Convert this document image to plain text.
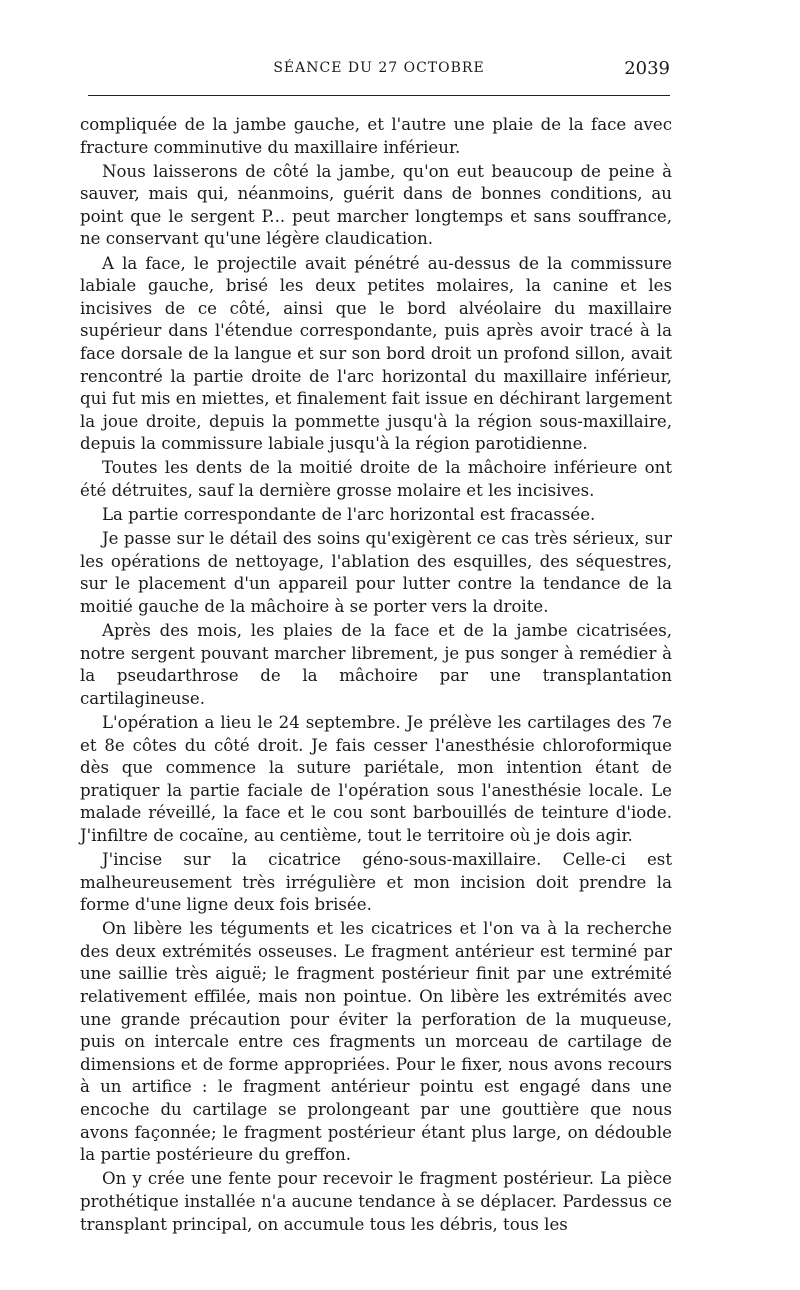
SÉANCE DU 27 OCTOBRE	2039

compliquée de la jambe gauche, et l'autre une plaie de la face avec fracture comminutive du maxillaire inférieur.

Nous laisserons de côté la jambe, qu'on eut beaucoup de peine à sauver, mais qui, néanmoins, guérit dans de bonnes conditions, au point que le sergent P... peut marcher longtemps et sans souffrance, ne conservant qu'une légère claudication.

A la face, le projectile avait pénétré au-dessus de la commissure labiale gauche, brisé les deux petites molaires, la canine et les incisives de ce côté, ainsi que le bord alvéolaire du maxillaire supérieur dans l'étendue correspondante, puis après avoir tracé à la face dorsale de la langue et sur son bord droit un profond sillon, avait rencontré la partie droite de l'arc horizontal du maxillaire inférieur, qui fut mis en miettes, et finalement fait issue en déchirant largement la joue droite, depuis la pommette jusqu'à la région sous-maxillaire, depuis la commissure labiale jusqu'à la région parotidienne.

Toutes les dents de la moitié droite de la mâchoire inférieure ont été détruites, sauf la dernière grosse molaire et les incisives.

La partie correspondante de l'arc horizontal est fracassée.

Je passe sur le détail des soins qu'exigèrent ce cas très sérieux, sur les opérations de nettoyage, l'ablation des esquilles, des séquestres, sur le placement d'un appareil pour lutter contre la tendance de la moitié gauche de la mâchoire à se porter vers la droite.

Après des mois, les plaies de la face et de la jambe cicatrisées, notre sergent pouvant marcher librement, je pus songer à remédier à la pseudarthrose de la mâchoire par une transplantation cartilagineuse.

L'opération a lieu le 24 septembre. Je prélève les cartilages des 7e et 8e côtes du côté droit. Je fais cesser l'anesthésie chloroformique dès que commence la suture pariétale, mon intention étant de pratiquer la partie faciale de l'opération sous l'anesthésie locale. Le malade réveillé, la face et le cou sont barbouillés de teinture d'iode. J'infiltre de cocaïne, au centième, tout le territoire où je dois agir.

J'incise sur la cicatrice géno-sous-maxillaire. Celle-ci est malheureusement très irrégulière et mon incision doit prendre la forme d'une ligne deux fois brisée.

On libère les téguments et les cicatrices et l'on va à la recherche des deux extrémités osseuses. Le fragment antérieur est terminé par une saillie très aiguë; le fragment postérieur finit par une extrémité relativement effilée, mais non pointue. On libère les extrémités avec une grande précaution pour éviter la perforation de la muqueuse, puis on intercale entre ces fragments un morceau de cartilage de dimensions et de forme appropriées. Pour le fixer, nous avons recours à un artifice : le fragment antérieur pointu est engagé dans une encoche du cartilage se prolongeant par une gouttière que nous avons façonnée; le fragment postérieur étant plus large, on dédouble la partie postérieure du greffon.

On y crée une fente pour recevoir le fragment postérieur. La pièce prothétique installée n'a aucune tendance à se déplacer. Pardessus ce transplant principal, on accumule tous les débris, tous les
